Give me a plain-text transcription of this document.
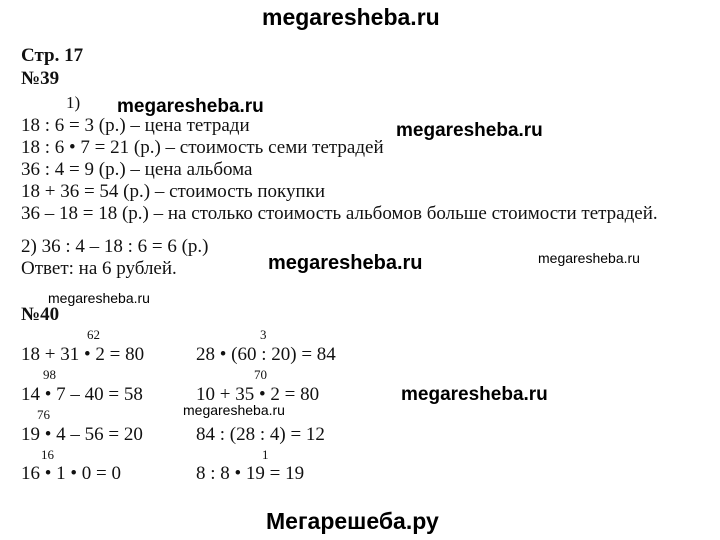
megaresheba.ru
Мегарешеба.ру
Стр. 17
№39
1)
18 : 6 = 3 (р.) – цена тетради
18 : 6 • 7 = 21 (р.) – стоимость семи тетрадей
36 : 4 = 9 (р.) – цена альбома
18 + 36 = 54 (р.) – стоимость покупки
36 – 18 = 18 (р.) – на столько стоимость альбомов больше стоимости тетрадей.
2) 36 : 4 – 18 : 6 = 6 (р.)
Ответ: на 6 рублей.
№40
62
18 + 31 • 2 = 80
98
14 • 7 – 40 = 58
76
19 • 4 – 56 = 20
16
16 • 1 • 0 = 0
3
28 • (60 : 20) = 84
70
10 + 35 • 2 = 80
84 : (28 : 4) = 12
1
8 : 8 • 19 = 19
megaresheba.ru
megaresheba.ru
megaresheba.ru	megaresheba.ru
megaresheba.ru
megaresheba.ru
megaresheba.ru
